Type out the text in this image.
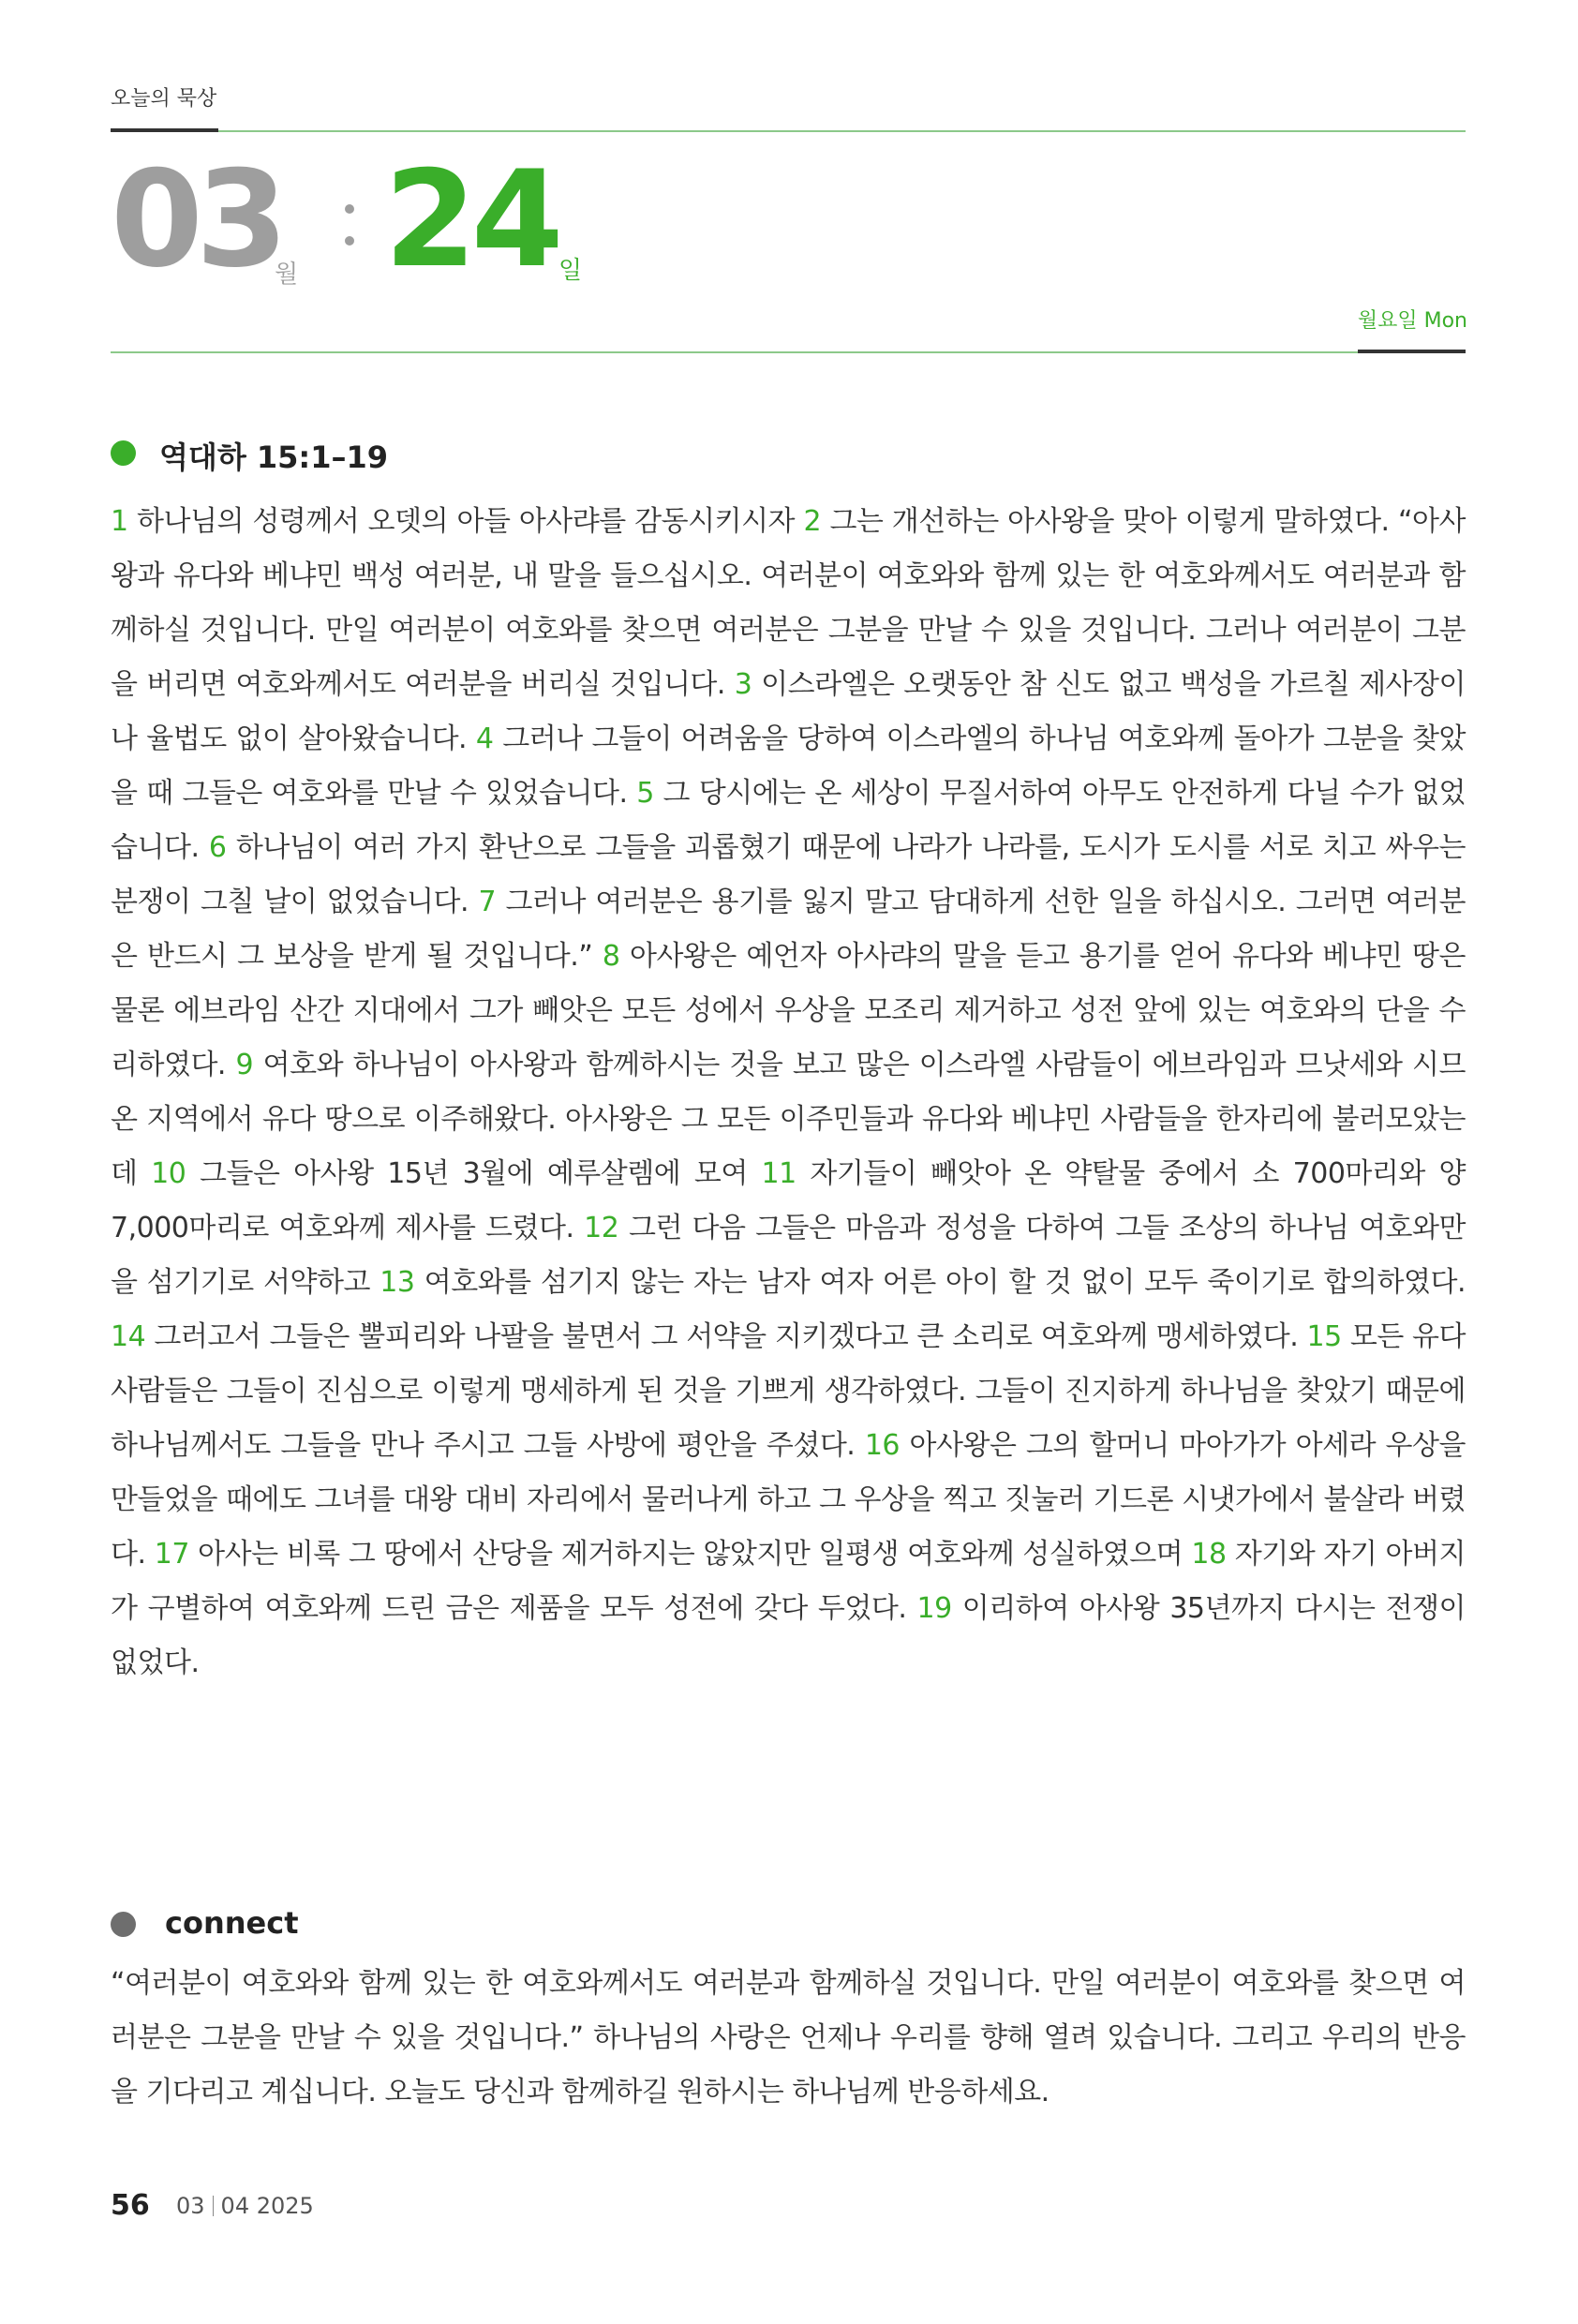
오늘의 묵상
03
월 24 일
월요일 Mon
역대하 15:1–19
1 하나님의 성령께서 오뎃의 아들 아사랴를 감동시키시자 2 그는 개선하는 아사왕을 맞아 이렇게 말하였다. “아사왕과 유다와 베냐민 백성 여러분, 내 말을 들으십시오. 여러분이 여호와와 함께 있는 한 여호와께서도 여러분과 함께하실 것입니다. 만일 여러분이 여호와를 찾으면 여러분은 그분을 만날 수 있을 것입니다. 그러나 여러분이 그분을 버리면 여호와께서도 여러분을 버리실 것입니다. 3 이스라엘은 오랫동안 참 신도 없고 백성을 가르칠 제사장이나 율법도 없이 살아왔습니다. 4 그러나 그들이 어려움을 당하여 이스라엘의 하나님 여호와께 돌아가 그분을 찾았을 때 그들은 여호와를 만날 수 있었습니다. 5 그 당시에는 온 세상이 무질서하여 아무도 안전하게 다닐 수가 없었습니다. 6 하나님이 여러 가지 환난으로 그들을 괴롭혔기 때문에 나라가 나라를, 도시가 도시를 서로 치고 싸우는 분쟁이 그칠 날이 없었습니다. 7 그러나 여러분은 용기를 잃지 말고 담대하게 선한 일을 하십시오. 그러면 여러분은 반드시 그 보상을 받게 될 것입니다.” 8 아사왕은 예언자 아사랴의 말을 듣고 용기를 얻어 유다와 베냐민 땅은 물론 에브라임 산간 지대에서 그가 빼앗은 모든 성에서 우상을 모조리 제거하고 성전 앞에 있는 여호와의 단을 수리하였다. 9 여호와 하나님이 아사왕과 함께하시는 것을 보고 많은 이스라엘 사람들이 에브라임과 므낫세와 시므온 지역에서 유다 땅으로 이주해왔다. 아사왕은 그 모든 이주민들과 유다와 베냐민 사람들을 한자리에 불러모았는데 10 그들은 아사왕 15년 3월에 예루살렘에 모여 11 자기들이 빼앗아 온 약탈물 중에서 소 700마리와 양 7,000마리로 여호와께 제사를 드렸다. 12 그런 다음 그들은 마음과 정성을 다하여 그들 조상의 하나님 여호와만을 섬기기로 서약하고 13 여호와를 섬기지 않는 자는 남자 여자 어른 아이 할 것 없이 모두 죽이기로 합의하였다. 14 그러고서 그들은 뿔피리와 나팔을 불면서 그 서약을 지키겠다고 큰 소리로 여호와께 맹세하였다. 15 모든 유다 사람들은 그들이 진심으로 이렇게 맹세하게 된 것을 기쁘게 생각하였다. 그들이 진지하게 하나님을 찾았기 때문에 하나님께서도 그들을 만나 주시고 그들 사방에 평안을 주셨다. 16 아사왕은 그의 할머니 마아가가 아세라 우상을 만들었을 때에도 그녀를 대왕 대비 자리에서 물러나게 하고 그 우상을 찍고 짓눌러 기드론 시냇가에서 불살라 버렸다. 17 아사는 비록 그 땅에서 산당을 제거하지는 않았지만 일평생 여호와께 성실하였으며 18 자기와 자기 아버지가 구별하여 여호와께 드린 금은 제품을 모두 성전에 갖다 두었다. 19 이리하여 아사왕 35년까지 다시는 전쟁이 없었다.
connect
“여러분이 여호와와 함께 있는 한 여호와께서도 여러분과 함께하실 것입니다. 만일 여러분이 여호와를 찾으면 여러분은 그분을 만날 수 있을 것입니다.” 하나님의 사랑은 언제나 우리를 향해 열려 있습니다. 그리고 우리의 반응을 기다리고 계십니다. 오늘도 당신과 함께하길 원하시는 하나님께 반응하세요.
56 03 04 2025
